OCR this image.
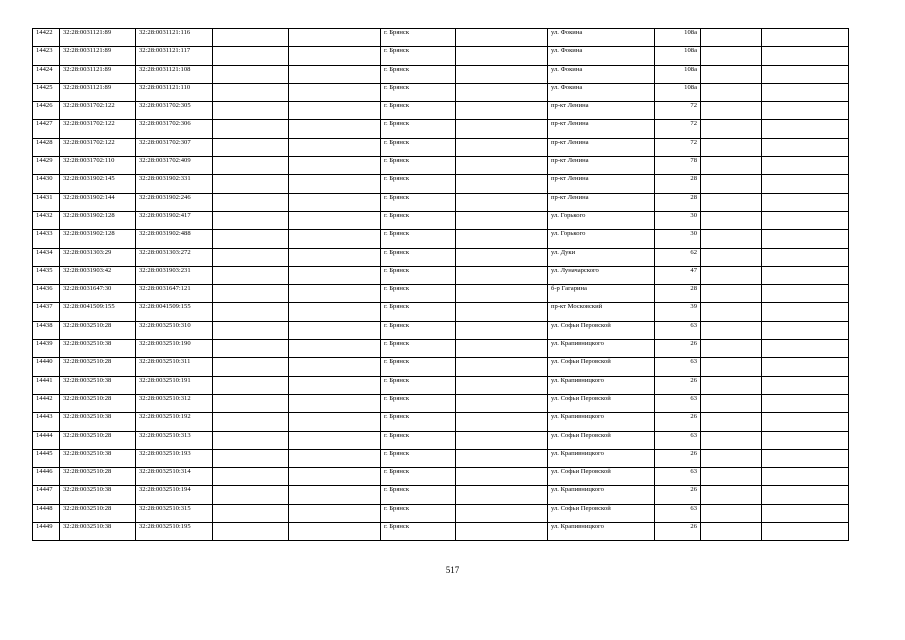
14422	32:28:0031121:89	32:28:0031121:116			г. Брянск		ул. Фокина	108а		
14423	32:28:0031121:89	32:28:0031121:117			г. Брянск		ул. Фокина	108а		
14424	32:28:0031121:89	32:28:0031121:108			г. Брянск		ул. Фокина	108а		
14425	32:28:0031121:89	32:28:0031121:110			г. Брянск		ул. Фокина	108а		
14426	32:28:0031702:122	32:28:0031702:305			г. Брянск		пр-кт Ленина	72		
14427	32:28:0031702:122	32:28:0031702:306			г. Брянск		пр-кт Ленина	72		
14428	32:28:0031702:122	32:28:0031702:307			г. Брянск		пр-кт Ленина	72		
14429	32:28:0031702:110	32:28:0031702:409			г. Брянск		пр-кт Ленина	78		
14430	32:28:0031902:145	32:28:0031902:331			г. Брянск		пр-кт Ленина	28		
14431	32:28:0031902:144	32:28:0031902:246			г. Брянск		пр-кт Ленина	28		
14432	32:28:0031902:128	32:28:0031902:417			г. Брянск		ул. Горького	30		
14433	32:28:0031902:128	32:28:0031902:488			г. Брянск		ул. Горького	30		
14434	32:28:0031303:29	32:28:0031303:272			г. Брянск		ул. Дуки	62		
14435	32:28:0031903:42	32:28:0031903:231			г. Брянск		ул. Луначарского	47		
14436	32:28:0031647:30	32:28:0031647:121			г. Брянск		б-р Гагарина	28		
14437	32:28:0041509:155	32:28:0041509:155			г. Брянск		пр-кт Московский	39		
14438	32:28:0032510:28	32:28:0032510:310			г. Брянск		ул. Софьи Перовской	63		
14439	32:28:0032510:38	32:28:0032510:190			г. Брянск		ул. Крапивницкого	26		
14440	32:28:0032510:28	32:28:0032510:311			г. Брянск		ул. Софьи Перовской	63		
14441	32:28:0032510:38	32:28:0032510:191			г. Брянск		ул. Крапивницкого	26		
14442	32:28:0032510:28	32:28:0032510:312			г. Брянск		ул. Софьи Перовской	63		
14443	32:28:0032510:38	32:28:0032510:192			г. Брянск		ул. Крапивницкого	26		
14444	32:28:0032510:28	32:28:0032510:313			г. Брянск		ул. Софьи Перовской	63		
14445	32:28:0032510:38	32:28:0032510:193			г. Брянск		ул. Крапивницкого	26		
14446	32:28:0032510:28	32:28:0032510:314			г. Брянск		ул. Софьи Перовской	63		
14447	32:28:0032510:38	32:28:0032510:194			г. Брянск		ул. Крапивницкого	26		
14448	32:28:0032510:28	32:28:0032510:315			г. Брянск		ул. Софьи Перовской	63		
14449	32:28:0032510:38	32:28:0032510:195			г. Брянск		ул. Крапивницкого	26		
517
